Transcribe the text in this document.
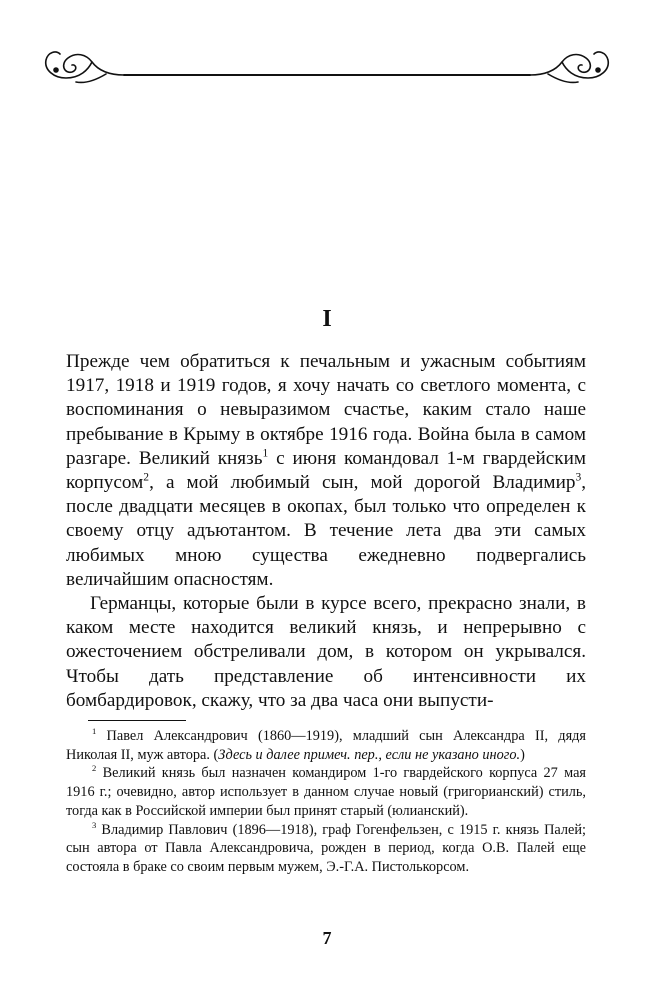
I

Прежде чем обратиться к печальным и ужасным событиям 1917, 1918 и 1919 годов, я хочу начать со светлого момента, с воспоминания о невыразимом счастье, каким стало наше пребывание в Крыму в октябре 1916 года. Война была в самом разгаре. Великий князь$^1$ с июня командовал 1-м гвардейским корпусом$^2$, а мой любимый сын, мой дорогой Владимир$^3$, после двадцати месяцев в окопах, был только что определен к своему отцу адъютантом. В течение лета два эти самых любимых мною существа ежедневно подвергались величайшим опасностям.

Германцы, которые были в курсе всего, прекрасно знали, в каком месте находится великий князь, и непрерывно с ожесточением обстреливали дом, в котором он укрывался. Чтобы дать представление об интенсивности их бомбардировок, скажу, что за два часа они выпусти-

$^1$ Павел Александрович (1860—1919), младший сын Александра II, дядя Николая II, муж автора. (Здесь и далее примеч. пер., если не указано иного.)

$^2$ Великий князь был назначен командиром 1-го гвардейского корпуса 27 мая 1916 г.; очевидно, автор использует в данном случае новый (григорианский) стиль, тогда как в Российской империи был принят старый (юлианский).

$^3$ Владимир Павлович (1896—1918), граф Гогенфельзен, с 1915 г. князь Палей; сын автора от Павла Александровича, рожден в период, когда О.В. Палей еще состояла в браке со своим первым мужем, Э.-Г.А. Пистолькорсом.

7
